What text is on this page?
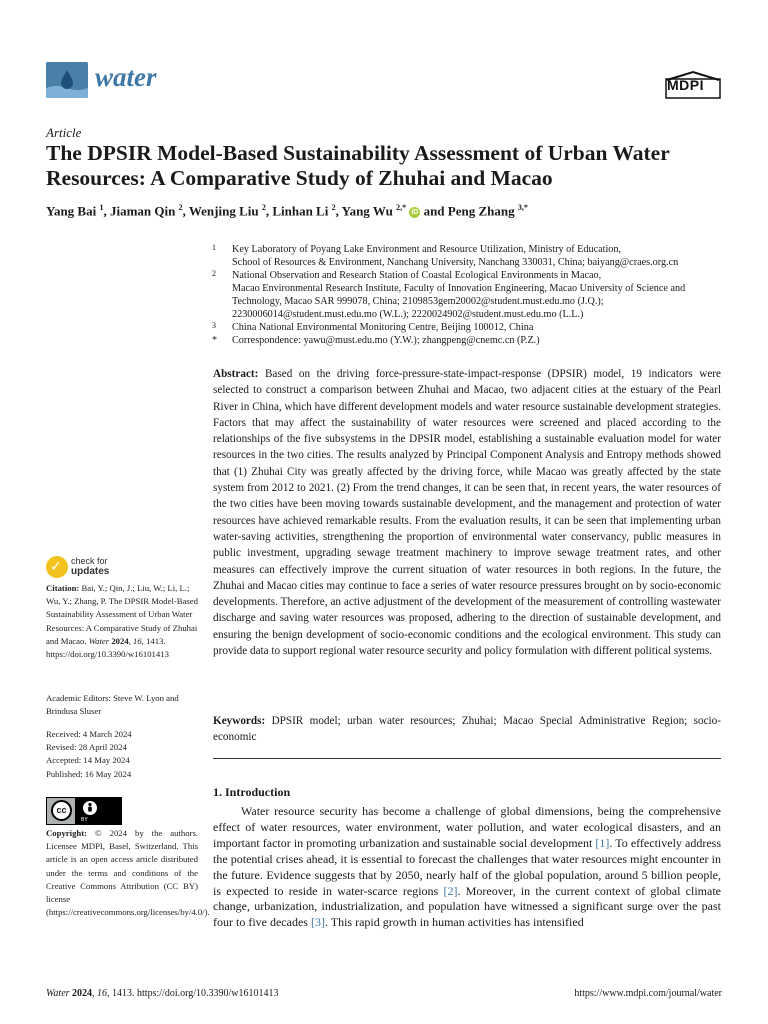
water	MDPI
Article
The DPSIR Model-Based Sustainability Assessment of Urban Water Resources: A Comparative Study of Zhuhai and Macao
Yang Bai $^1$, Jiaman Qin $^2$, Wenjing Liu $^2$, Linhan Li $^2$, Yang Wu $^{2,*}$ iD and Peng Zhang $^{3,*}$
1 Key Laboratory of Poyang Lake Environment and Resource Utilization, Ministry of Education,
School of Resources & Environment, Nanchang University, Nanchang 330031, China; baiyang@craes.org.cn
2 National Observation and Research Station of Coastal Ecological Environments in Macao,
Macao Environmental Research Institute, Faculty of Innovation Engineering, Macao University of Science and
Technology, Macao SAR 999078, China; 2109853gem20002@student.must.edu.mo (J.Q.);
2230006014@student.must.edu.mo (W.L.); 2220024902@student.must.edu.mo (L.L.)
3 China National Environmental Monitoring Centre, Beijing 100012, China
* Correspondence: yawu@must.edu.mo (Y.W.); zhangpeng@cnemc.cn (P.Z.)
Abstract: Based on the driving force-pressure-state-impact-response (DPSIR) model, 19 indicators were selected to construct a comparison between Zhuhai and Macao, two adjacent cities at the estuary of the Pearl River in China, which have different development models and water resource sustainable development strategies. Factors that may affect the sustainability of water resources were screened and placed according to the relationships of the five subsystems in the DPSIR model, establishing a sustainable evaluation model for water resources in the two cities. The results analyzed by Principal Component Analysis and Entropy methods showed that (1) Zhuhai City was greatly affected by the driving force, while Macao was greatly affected by the state system from 2012 to 2021. (2) From the trend changes, it can be seen that, in recent years, the water resources of the two cities have been moving towards sustainable development, and the management and protection of water resources have achieved remarkable results. From the evaluation results, it can be seen that implementing urban water-saving activities, strengthening the proportion of environmental water conservancy, public measures in public investment, upgrading sewage treatment machinery to improve sewage treatment rates, and other measures can effectively improve the current situation of water resources in both regions. In the future, the Zhuhai and Macao cities may continue to face a series of water resource pressures brought on by socio-economic developments. Therefore, an active adjustment of the development of the measurement of controlling wastewater discharge and saving water resources was proposed, adhering to the direction of sustainable development, and ensuring the benign development of socio-economic conditions and the ecological environment. This study can provide data to support regional water resource security and policy formulation with different political systems.
Keywords: DPSIR model; urban water resources; Zhuhai; Macao Special Administrative Region; socio-economic
1. Introduction
Water resource security has become a challenge of global dimensions, being the comprehensive effect of water resources, water environment, water pollution, and water ecological disasters, and an important factor in promoting urbanization and sustainable social development [1]. To effectively address the potential crises ahead, it is essential to forecast the challenges that water resources might encounter in the future. Evidence suggests that by 2050, nearly half of the global population, around 5 billion people, is expected to reside in water-scarce regions [2]. Moreover, in the current context of global climate change, urbanization, industrialization, and population have witnessed a significant surge over the past four to five decades [3]. This rapid growth in human activities has intensified
✓ check for
updates
Citation: Bai, Y.; Qin, J.; Liu, W.; Li, L.; Wu, Y.; Zhang, P. The DPSIR Model-Based Sustainability Assessment of Urban Water Resources: A Comparative Study of Zhuhai and Macao. Water 2024, 16, 1413. https://doi.org/10.3390/w16101413
Academic Editors: Steve W. Lyon and Brindusa Sluser
Received: 4 March 2024
Revised: 28 April 2024
Accepted: 14 May 2024
Published: 16 May 2024
cc
BY
Copyright: © 2024 by the authors. Licensee MDPI, Basel, Switzerland. This article is an open access article distributed under the terms and conditions of the Creative Commons Attribution (CC BY) license (https://creativecommons.org/licenses/by/4.0/).
Water 2024, 16, 1413. https://doi.org/10.3390/w16101413	https://www.mdpi.com/journal/water
